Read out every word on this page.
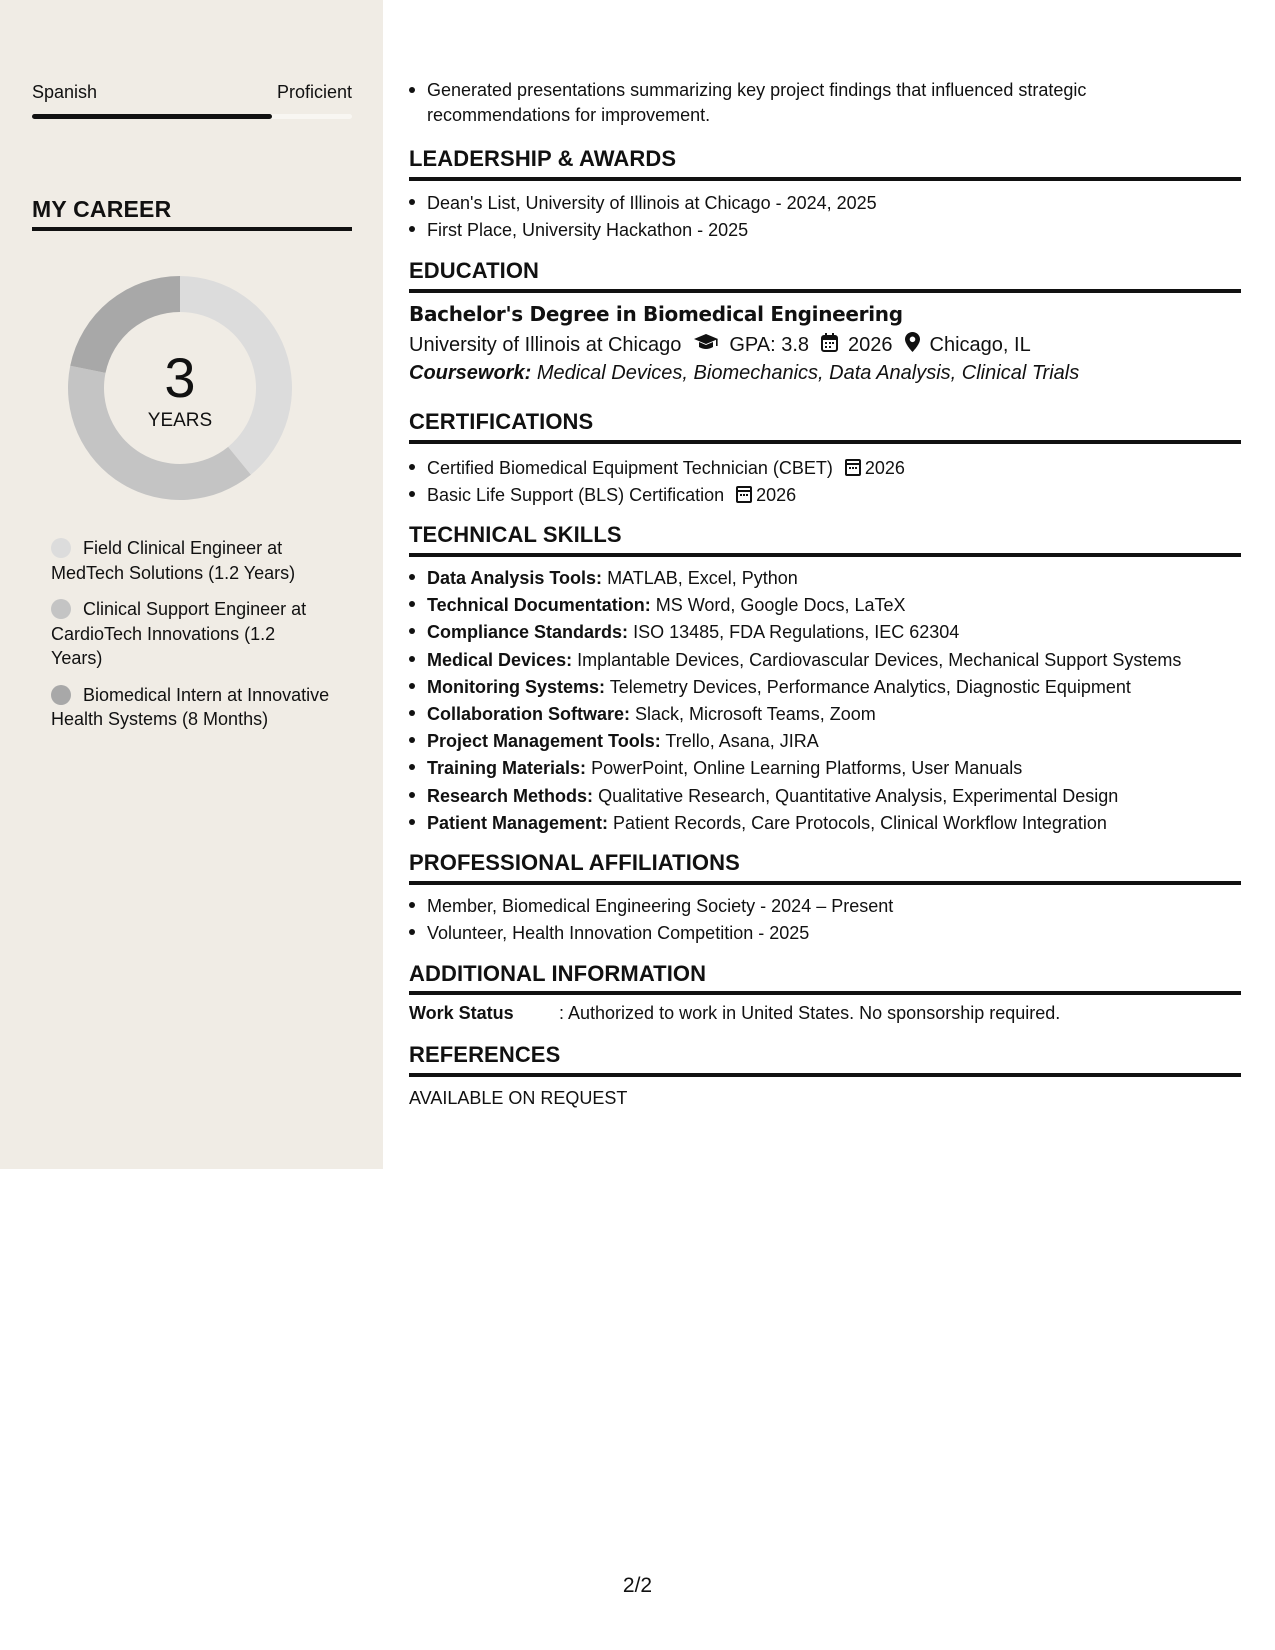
Spanish	Proficient
MY CAREER
3
YEARS
Field Clinical Engineer at MedTech Solutions (1.2 Years)
Clinical Support Engineer at CardioTech Innovations (1.2 Years)
Biomedical Intern at Innovative Health Systems (8 Months)
Generated presentations summarizing key project findings that influenced strategic recommendations for improvement.
LEADERSHIP & AWARDS
Dean's List, University of Illinois at Chicago - 2024, 2025
First Place, University Hackathon - 2025
EDUCATION
Bachelor's Degree in Biomedical Engineering
University of Illinois at Chicago GPA: 3.8 2026 Chicago, IL
Coursework: Medical Devices, Biomechanics, Data Analysis, Clinical Trials
CERTIFICATIONS
Certified Biomedical Equipment Technician (CBET) 2026
Basic Life Support (BLS) Certification 2026
TECHNICAL SKILLS
Data Analysis Tools: MATLAB, Excel, Python
Technical Documentation: MS Word, Google Docs, LaTeX
Compliance Standards: ISO 13485, FDA Regulations, IEC 62304
Medical Devices: Implantable Devices, Cardiovascular Devices, Mechanical Support Systems
Monitoring Systems: Telemetry Devices, Performance Analytics, Diagnostic Equipment
Collaboration Software: Slack, Microsoft Teams, Zoom
Project Management Tools: Trello, Asana, JIRA
Training Materials: PowerPoint, Online Learning Platforms, User Manuals
Research Methods: Qualitative Research, Quantitative Analysis, Experimental Design
Patient Management: Patient Records, Care Protocols, Clinical Workflow Integration
PROFESSIONAL AFFILIATIONS
Member, Biomedical Engineering Society - 2024 – Present
Volunteer, Health Innovation Competition - 2025
ADDITIONAL INFORMATION
Work Status	: Authorized to work in United States. No sponsorship required.
REFERENCES
AVAILABLE ON REQUEST
2/2
